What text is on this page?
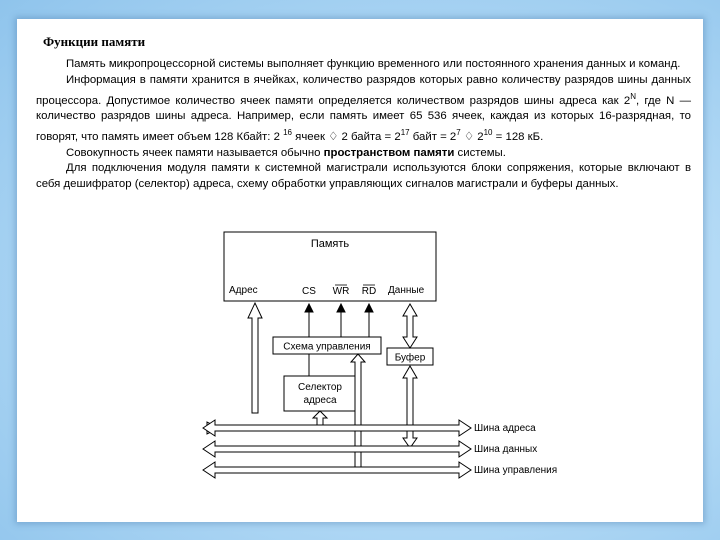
Функции памяти

Память микропроцессорной системы выполняет функцию временного или постоянного хранения данных и команд.

Информация в памяти хранится в ячейках, количество разрядов которых равно количеству разрядов шины данных процессора. Допустимое количество ячеек памяти определяется количеством разрядов шины адреса как $2^N$, где N — количество разрядов шины адреса. Например, если память имеет 65 536 ячеек, каждая из которых 16-разрядная, то говорят, что память имеет объем 128 Кбайт: 2 $^{16}$ ячеек ♢ 2 байта = $2^{17}$ байт = $2^7$ ♢ $2^{10} = 128$ кБ.

Совокупность ячеек памяти называется обычно пространством памяти системы.

Для подключения модуля памяти к системной магистрали используются блоки сопряжения, которые включают в себя дешифратор (селектор) адреса, схему обработки управляющих сигналов магистрали и буферы данных.

Память
Адрес	CS WR RD Данные
Схема управления
Буфер
Селектор
адреса
Шина адреса
Шина данных
Шина управления
